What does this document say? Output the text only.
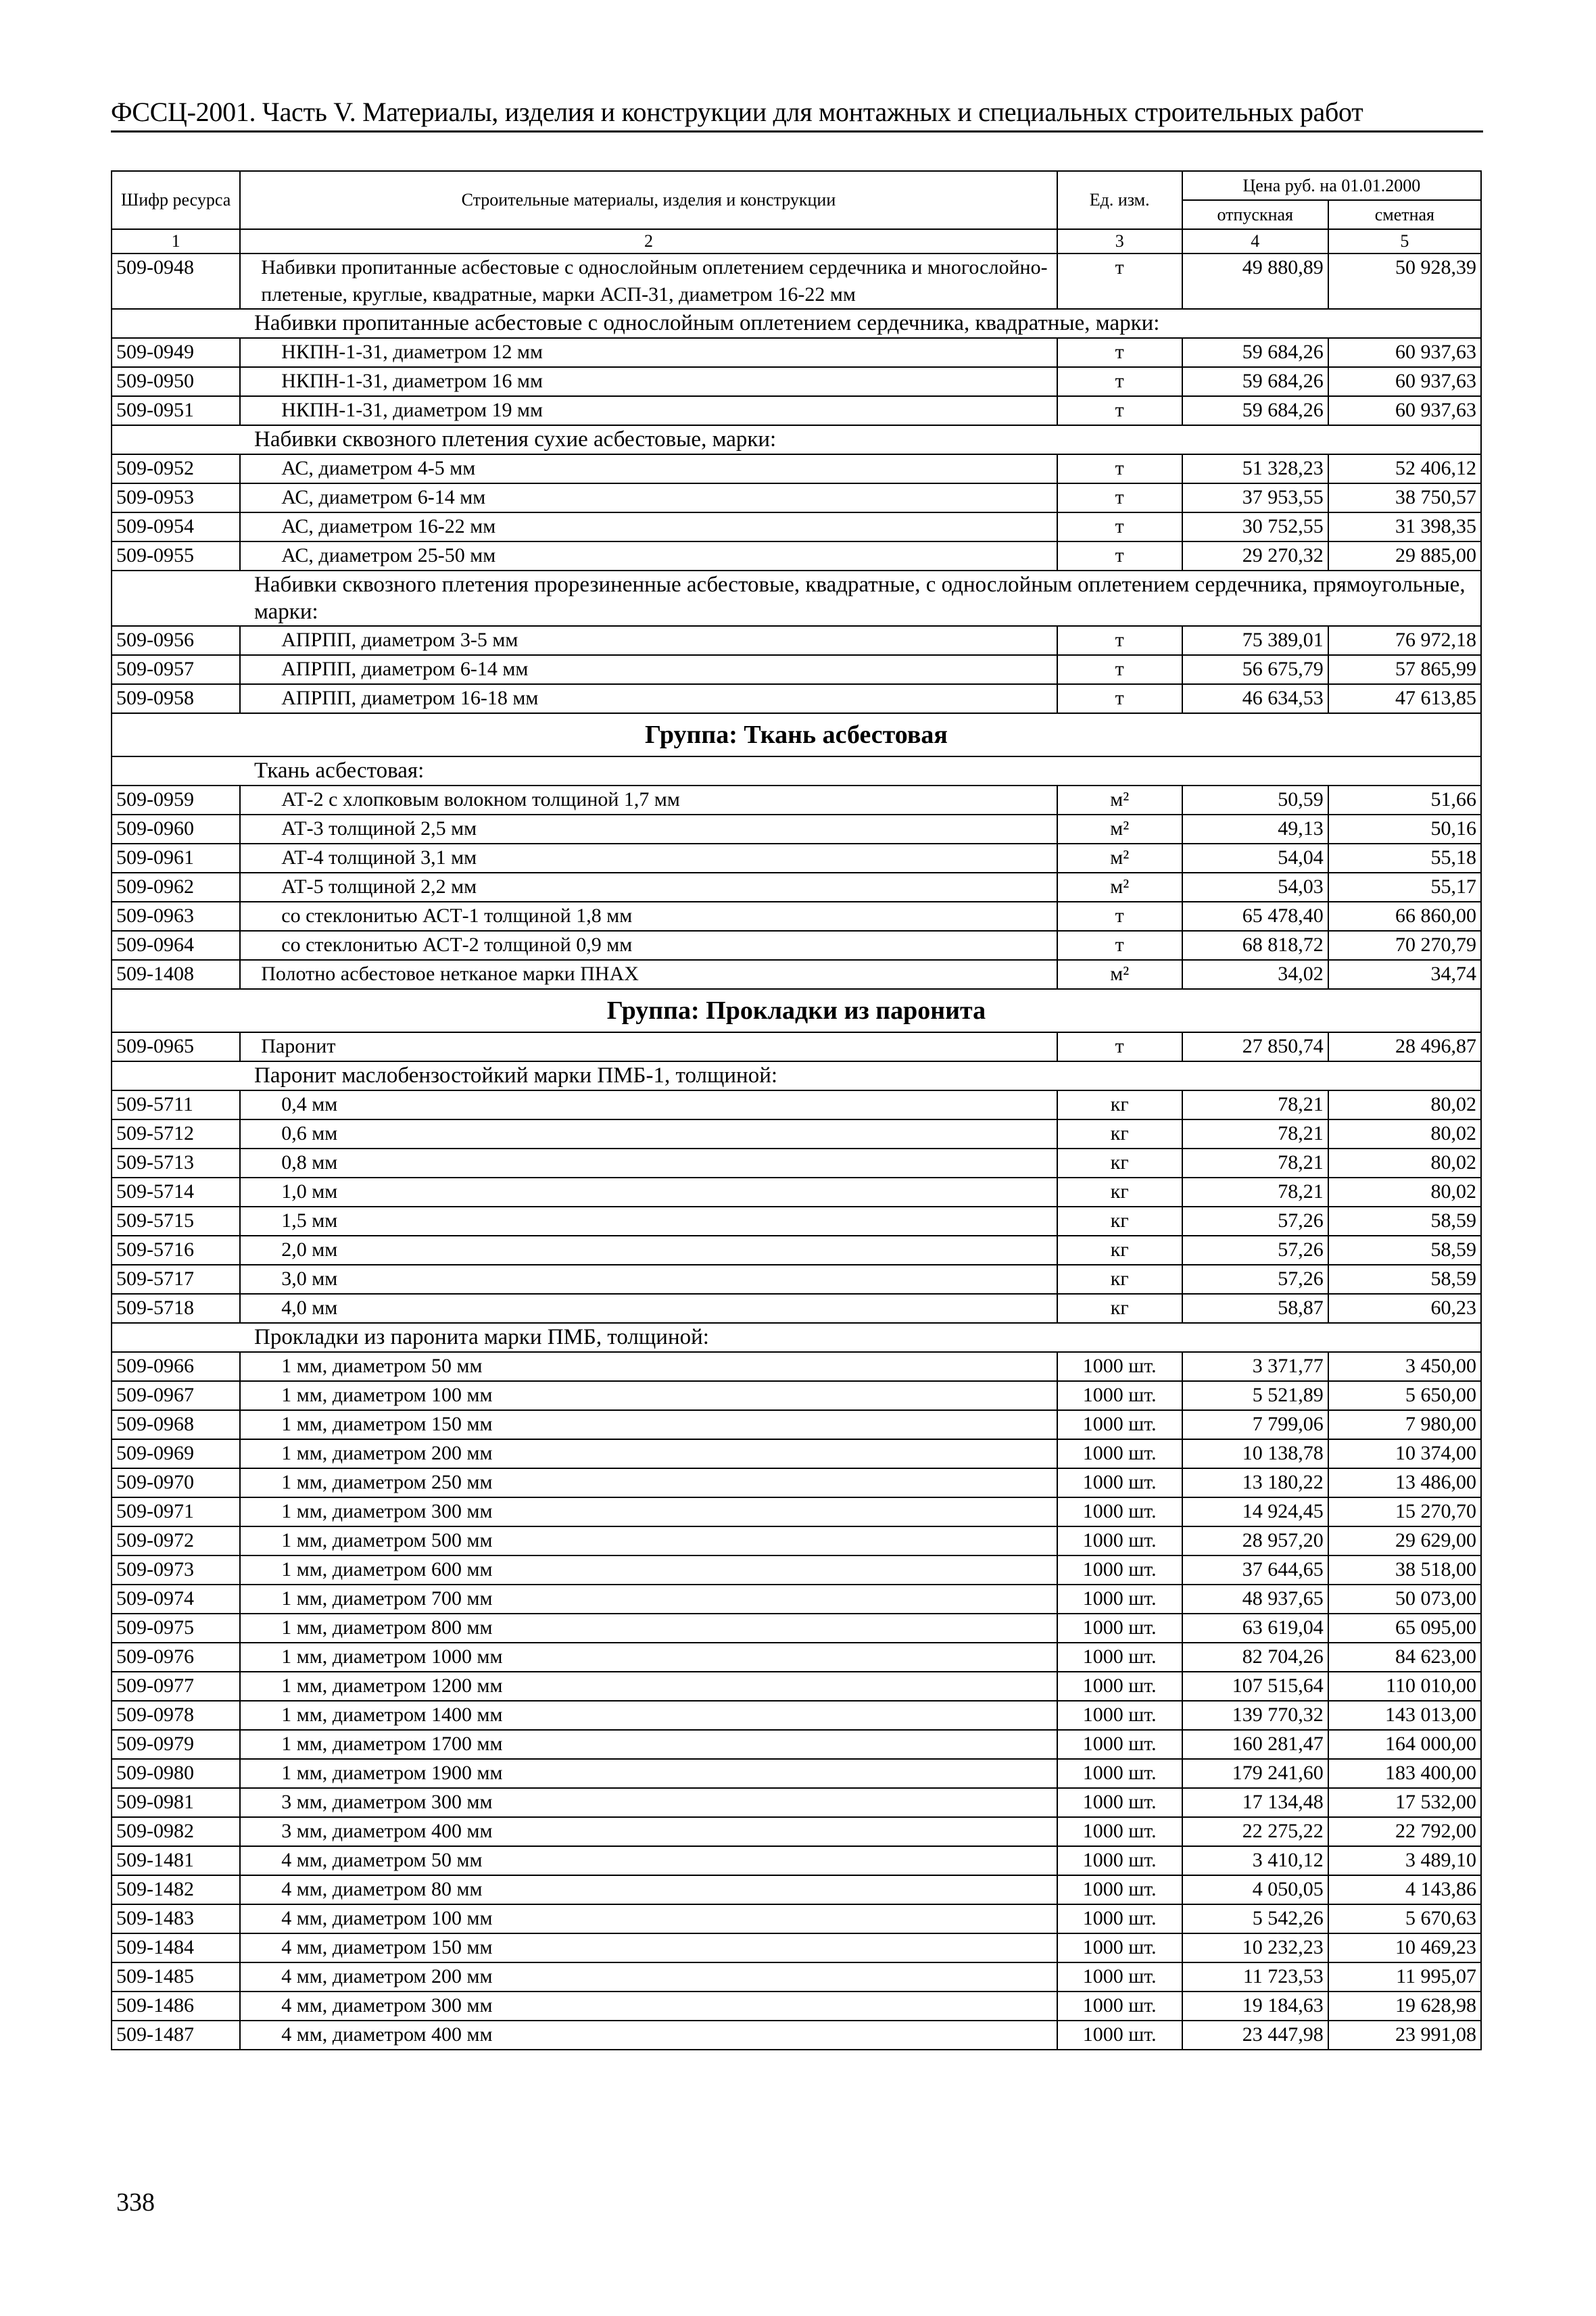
ФССЦ-2001. Часть V. Материалы, изделия и конструкции для монтажных и специальных строительных работ
Шифр ресурса	Строительные материалы, изделия и конструкции	Ед. изм.	Цена руб. на 01.01.2000	
			отпускная	сметная
1	2	3	4	5
509-0948	Набивки пропитанные асбестовые с однослойным оплетением сердечника и многослойно-плетеные, круглые, квадратные, марки АСП-31, диаметром 16-22 мм	т	49 880,89	50 928,39
Набивки пропитанные асбестовые с однослойным оплетением сердечника, квадратные, марки:				
509-0949	НКПН-1-31, диаметром 12 мм	т	59 684,26	60 937,63
509-0950	НКПН-1-31, диаметром 16 мм	т	59 684,26	60 937,63
509-0951	НКПН-1-31, диаметром 19 мм	т	59 684,26	60 937,63
Набивки сквозного плетения сухие асбестовые, марки:				
509-0952	АС, диаметром 4-5 мм	т	51 328,23	52 406,12
509-0953	АС, диаметром 6-14 мм	т	37 953,55	38 750,57
509-0954	АС, диаметром 16-22 мм	т	30 752,55	31 398,35
509-0955	АС, диаметром 25-50 мм	т	29 270,32	29 885,00
Набивки сквозного плетения прорезиненные асбестовые, квадратные, с однослойным оплетением сердечника, прямоугольные, марки:				
509-0956	АПРПП, диаметром 3-5 мм	т	75 389,01	76 972,18
509-0957	АПРПП, диаметром 6-14 мм	т	56 675,79	57 865,99
509-0958	АПРПП, диаметром 16-18 мм	т	46 634,53	47 613,85
Группа: Ткань асбестовая				
Ткань асбестовая:				
509-0959	АТ-2 с хлопковым волокном толщиной 1,7 мм	м²	50,59	51,66
509-0960	АТ-3 толщиной 2,5 мм	м²	49,13	50,16
509-0961	АТ-4 толщиной 3,1 мм	м²	54,04	55,18
509-0962	АТ-5 толщиной 2,2 мм	м²	54,03	55,17
509-0963	со стеклонитью АСТ-1 толщиной 1,8 мм	т	65 478,40	66 860,00
509-0964	со стеклонитью АСТ-2 толщиной 0,9 мм	т	68 818,72	70 270,79
509-1408	Полотно асбестовое нетканое марки ПНАХ	м²	34,02	34,74
Группа: Прокладки из паронита				
509-0965	Паронит	т	27 850,74	28 496,87
Паронит маслобензостойкий марки ПМБ-1, толщиной:				
509-5711	0,4 мм	кг	78,21	80,02
509-5712	0,6 мм	кг	78,21	80,02
509-5713	0,8 мм	кг	78,21	80,02
509-5714	1,0 мм	кг	78,21	80,02
509-5715	1,5 мм	кг	57,26	58,59
509-5716	2,0 мм	кг	57,26	58,59
509-5717	3,0 мм	кг	57,26	58,59
509-5718	4,0 мм	кг	58,87	60,23
Прокладки из паронита марки ПМБ, толщиной:				
509-0966	1 мм, диаметром 50 мм	1000 шт.	3 371,77	3 450,00
509-0967	1 мм, диаметром 100 мм	1000 шт.	5 521,89	5 650,00
509-0968	1 мм, диаметром 150 мм	1000 шт.	7 799,06	7 980,00
509-0969	1 мм, диаметром 200 мм	1000 шт.	10 138,78	10 374,00
509-0970	1 мм, диаметром 250 мм	1000 шт.	13 180,22	13 486,00
509-0971	1 мм, диаметром 300 мм	1000 шт.	14 924,45	15 270,70
509-0972	1 мм, диаметром 500 мм	1000 шт.	28 957,20	29 629,00
509-0973	1 мм, диаметром 600 мм	1000 шт.	37 644,65	38 518,00
509-0974	1 мм, диаметром 700 мм	1000 шт.	48 937,65	50 073,00
509-0975	1 мм, диаметром 800 мм	1000 шт.	63 619,04	65 095,00
509-0976	1 мм, диаметром 1000 мм	1000 шт.	82 704,26	84 623,00
509-0977	1 мм, диаметром 1200 мм	1000 шт.	107 515,64	110 010,00
509-0978	1 мм, диаметром 1400 мм	1000 шт.	139 770,32	143 013,00
509-0979	1 мм, диаметром 1700 мм	1000 шт.	160 281,47	164 000,00
509-0980	1 мм, диаметром 1900 мм	1000 шт.	179 241,60	183 400,00
509-0981	3 мм, диаметром 300 мм	1000 шт.	17 134,48	17 532,00
509-0982	3 мм, диаметром 400 мм	1000 шт.	22 275,22	22 792,00
509-1481	4 мм, диаметром 50 мм	1000 шт.	3 410,12	3 489,10
509-1482	4 мм, диаметром 80 мм	1000 шт.	4 050,05	4 143,86
509-1483	4 мм, диаметром 100 мм	1000 шт.	5 542,26	5 670,63
509-1484	4 мм, диаметром 150 мм	1000 шт.	10 232,23	10 469,23
509-1485	4 мм, диаметром 200 мм	1000 шт.	11 723,53	11 995,07
509-1486	4 мм, диаметром 300 мм	1000 шт.	19 184,63	19 628,98
509-1487	4 мм, диаметром 400 мм	1000 шт.	23 447,98	23 991,08
338
